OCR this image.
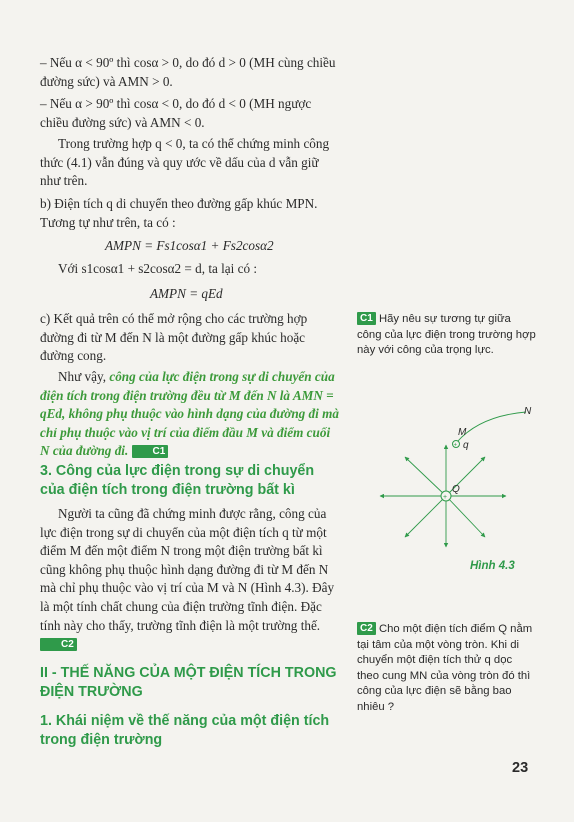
– Nếu α < 90º thì cosα > 0, do đó d > 0 (MH cùng chiều đường sức) và AMN > 0.

– Nếu α > 90º thì cosα < 0, do đó d < 0 (MH ngược chiều đường sức) và AMN < 0.

Trong trường hợp q < 0, ta có thể chứng minh công thức (4.1) vẫn đúng và quy ước về dấu của d vẫn giữ như trên.

b) Điện tích q di chuyển theo đường gấp khúc MPN. Tương tự như trên, ta có :

AMPN = Fs1cosα1 + Fs2cosα2

Với s1cosα1 + s2cosα2 = d, ta lại có :

AMPN = qEd

c) Kết quả trên có thể mở rộng cho các trường hợp đường đi từ M đến N là một đường gấp khúc hoặc đường cong.

Như vậy, công của lực điện trong sự di chuyển của điện tích trong điện trường đều từ M đến N là AMN = qEd, không phụ thuộc vào hình dạng của đường đi mà chỉ phụ thuộc vào vị trí của điểm đầu M và điểm cuối N của đường đi. C1

3. Công của lực điện trong sự di chuyển của điện tích trong điện trường bất kì

Người ta cũng đã chứng minh được rằng, công của lực điện trong sự di chuyển của một điện tích q từ một điểm M đến một điểm N trong một điện trường bất kì cũng không phụ thuộc hình dạng đường đi từ M đến N mà chỉ phụ thuộc vào vị trí của M và N (Hình 4.3). Đây là một tính chất chung của điện trường tĩnh điện. Đặc tính này cho thấy, trường tĩnh điện là một trường thế. C2

II - THẾ NĂNG CỦA MỘT ĐIỆN TÍCH TRONG ĐIỆN TRƯỜNG
1. Khái niệm về thế năng của một điện tích trong điện trường

C1 Hãy nêu sự tương tự giữa công của lực điện trong trường hợp này với công của trọng lực.

+
+
M
q
N
Q
Hình 4.3

C2 Cho một điện tích điểm Q nằm tại tâm của một vòng tròn. Khi di chuyển một điện tích thử q dọc theo cung MN của vòng tròn đó thì công của lực điện sẽ bằng bao nhiêu ?

23
